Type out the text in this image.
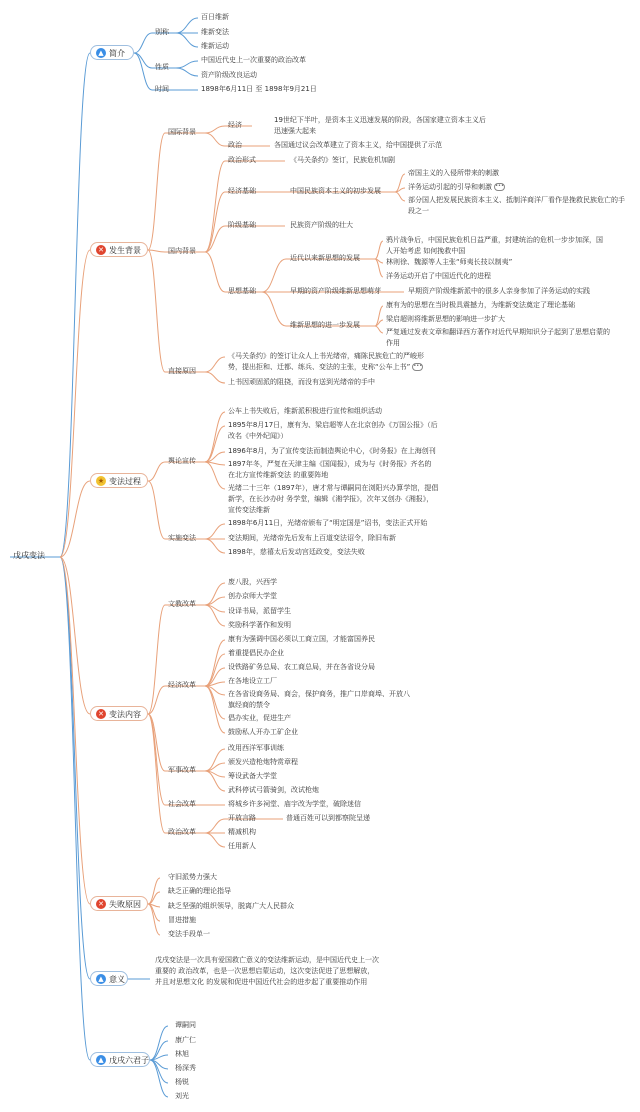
戊戌变法
▲ 简介
别称
百日维新
维新变法
维新运动
性质
中国近代史上一次重要的政治改革
资产阶级改良运动
时间	1898年6月11日 至 1898年9月21日
✕ 发生背景
国际背景
经济
19世纪下半叶，是资本主义迅速发展的阶段，各国家建立资本主义后 迅速强大起来
政治	各国通过议会改革建立了资本主义，给中国提供了示范
国内背景
政治形式	《马关条约》签订，民族危机加剧
经济基础	中国民族资本主义的初步发展
帝国主义的入侵所带来的刺激
洋务运动引起的引导和刺激 •••
部分国人把发展民族资本主义、抵制洋商洋厂看作是挽救民族危亡的手段之一
阶级基础	民族资产阶级的壮大
思想基础
近代以来新思想的发展
鸦片战争后，中国民族危机日益严重，封建统治的危机一步步加深，国人开始考虑 如何挽救中国
林则徐、魏源等人主张“师夷长技以制夷”
洋务运动开启了中国近代化的进程
早期的资产阶级维新思想萌芽	早期资产阶级维新派中的很多人亲身参加了洋务运动的实践
维新思想的进一步发展
康有为的思想在当时极具震撼力，为维新变法奠定了理论基础
梁启超则将维新思想的影响进一步扩大
严复通过发表文章和翻译西方著作对近代早期知识分子起到了思想启蒙的作用
直接原因
《马关条约》的签订让众人上书光绪帝，痛陈民族危亡的严峻形势，提出拒和、迁都、练兵、变法的主张，史称“公车上书” •••
上书因顽固派的阻挠，而没有送到光绪帝的手中
★ 变法过程
舆论宣传
公车上书失败后，维新派积极进行宣传和组织活动
1895年8月17日，康有为、梁启超等人在北京创办《万国公报》（后改名《中外纪闻》）
1896年8月，为了宣传变法而制造舆论中心，《时务报》在上海创刊
1897年冬，严复在天津主编《国闻报》，成为与《时务报》齐名的在北方宣传维新变法 的重要阵地
光绪二十三年（1897年），唐才常与谭嗣同在浏阳兴办算学馆，提倡新学，在长沙办时 务学堂，编辑《湘学报》，次年又创办《湘报》，宣传变法维新
实施变法
1898年6月11日，光绪帝颁布了“明定国是”诏书，变法正式开始
变法期间，光绪帝先后发布上百道变法诏令，除旧布新
1898年，慈禧太后发动宫廷政变，变法失败
✕ 变法内容
文教改革
废八股，兴西学
创办京师大学堂
设译书局，派留学生
奖励科学著作和发明
经济改革
康有为强调中国必须以工商立国，才能富国养民
着重提倡民办企业
设铁路矿务总局、农工商总局，并在各省设分局
在各地设立工厂
在各省设商务局、商会，保护商务，推广口岸商埠、开放八旗经商的禁令
倡办实业，促进生产
鼓励私人开办工矿企业
军事改革
改用西洋军事训练
颁发兴造枪炮特赏章程
筹设武备大学堂
武科停试弓箭骑剑，改试枪炮
社会改革	将城乡许多祠堂、庙宇改为学堂，破除迷信
政治改革
开放言路	普通百姓可以到都察院呈递
精减机构
任用新人
✕ 失败原因
守旧派势力强大
缺乏正确的理论指导
缺乏坚强的组织领导，脱离广大人民群众
冒进措施
变法手段单一
▲ 意义
戊戌变法是一次具有爱国救亡意义的变法维新运动，是中国近代史上一次重要的 政治改革，也是一次思想启蒙运动，这次变法促进了思想解放，并且对思想文化 的发展和促进中国近代社会的进步起了重要推动作用
▲ 戊戌六君子
谭嗣同
康广仁
林旭
杨深秀
杨锐
刘光
